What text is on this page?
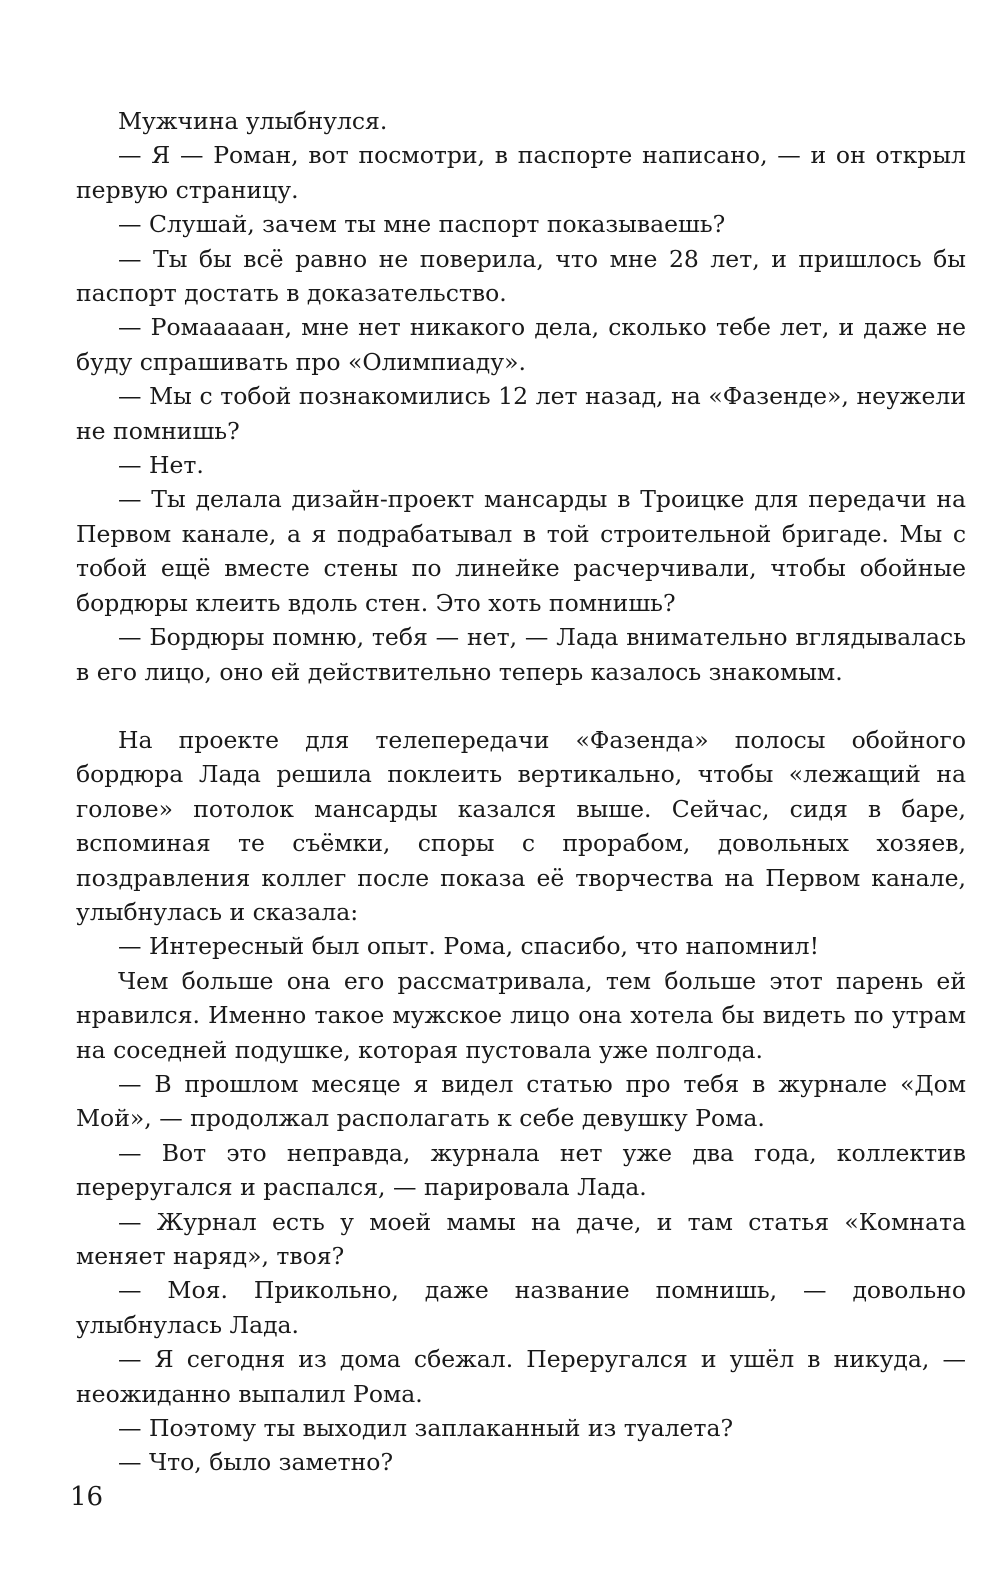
Мужчина улыбнулся.

— Я — Роман, вот посмотри, в паспорте написано, — и он открыл первую страницу.

— Слушай, зачем ты мне паспорт показываешь?

— Ты бы всё равно не поверила, что мне 28 лет, и пришлось бы паспорт достать в доказательство.

— Ромааааан, мне нет никакого дела, сколько тебе лет, и даже не буду спрашивать про «Олимпиаду».

— Мы с тобой познакомились 12 лет назад, на «Фазенде», неужели не помнишь?

— Нет.

— Ты делала дизайн-проект мансарды в Троицке для передачи на Первом канале, а я подрабатывал в той строительной бригаде. Мы с тобой ещё вместе стены по линейке расчерчивали, чтобы обойные бордюры клеить вдоль стен. Это хоть помнишь?

— Бордюры помню, тебя — нет, — Лада внимательно вглядывалась в его лицо, оно ей действительно теперь казалось знакомым.

На проекте для телепередачи «Фазенда» полосы обойного бордюра Лада решила поклеить вертикально, чтобы «лежащий на голове» потолок мансарды казался выше. Сейчас, сидя в баре, вспоминая те съёмки, споры с прорабом, довольных хозяев, поздравления коллег после показа её творчества на Первом канале, улыбнулась и сказала:

— Интересный был опыт. Рома, спасибо, что напомнил!

Чем больше она его рассматривала, тем больше этот парень ей нравился. Именно такое мужское лицо она хотела бы видеть по утрам на соседней подушке, которая пустовала уже полгода.

— В прошлом месяце я видел статью про тебя в журнале «Дом Мой», — продолжал располагать к себе девушку Рома.

— Вот это неправда, журнала нет уже два года, коллектив переругался и распался, — парировала Лада.

— Журнал есть у моей мамы на даче, и там статья «Комната меняет наряд», твоя?

— Моя. Прикольно, даже название помнишь, — довольно улыбнулась Лада.

— Я сегодня из дома сбежал. Переругался и ушёл в никуда, — неожиданно выпалил Рома.

— Поэтому ты выходил заплаканный из туалета?

— Что, было заметно?

16
